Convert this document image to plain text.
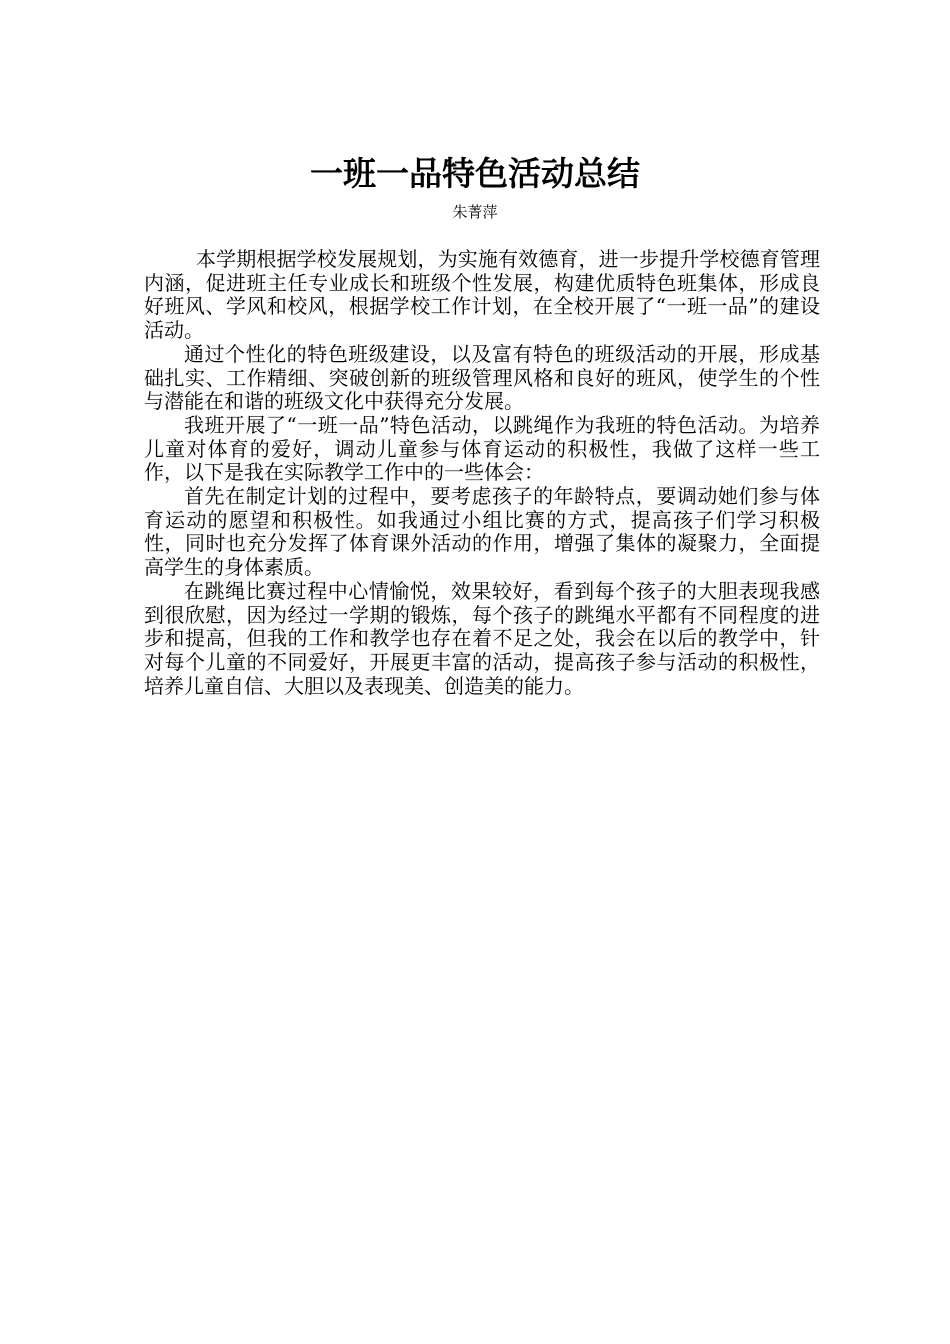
一班一品特色活动总结

朱菁萍

本学期根据学校发展规划，为实施有效德育，进一步提升学校德育管理内涵，促进班主任专业成长和班级个性发展，构建优质特色班集体，形成良好班风、学风和校风，根据学校工作计划，在全校开展了“一班一品”的建设活动。

通过个性化的特色班级建设，以及富有特色的班级活动的开展，形成基础扎实、工作精细、突破创新的班级管理风格和良好的班风，使学生的个性与潜能在和谐的班级文化中获得充分发展。

我班开展了“一班一品”特色活动，以跳绳作为我班的特色活动。为培养儿童对体育的爱好，调动儿童参与体育运动的积极性，我做了这样一些工作，以下是我在实际教学工作中的一些体会：

首先在制定计划的过程中，要考虑孩子的年龄特点，要调动她们参与体育运动的愿望和积极性。如我通过小组比赛的方式，提高孩子们学习积极性，同时也充分发挥了体育课外活动的作用，增强了集体的凝聚力，全面提高学生的身体素质。

在跳绳比赛过程中心情愉悦，效果较好，看到每个孩子的大胆表现我感到很欣慰，因为经过一学期的锻炼，每个孩子的跳绳水平都有不同程度的进步和提高，但我的工作和教学也存在着不足之处，我会在以后的教学中，针对每个儿童的不同爱好，开展更丰富的活动，提高孩子参与活动的积极性，培养儿童自信、大胆以及表现美、创造美的能力。
